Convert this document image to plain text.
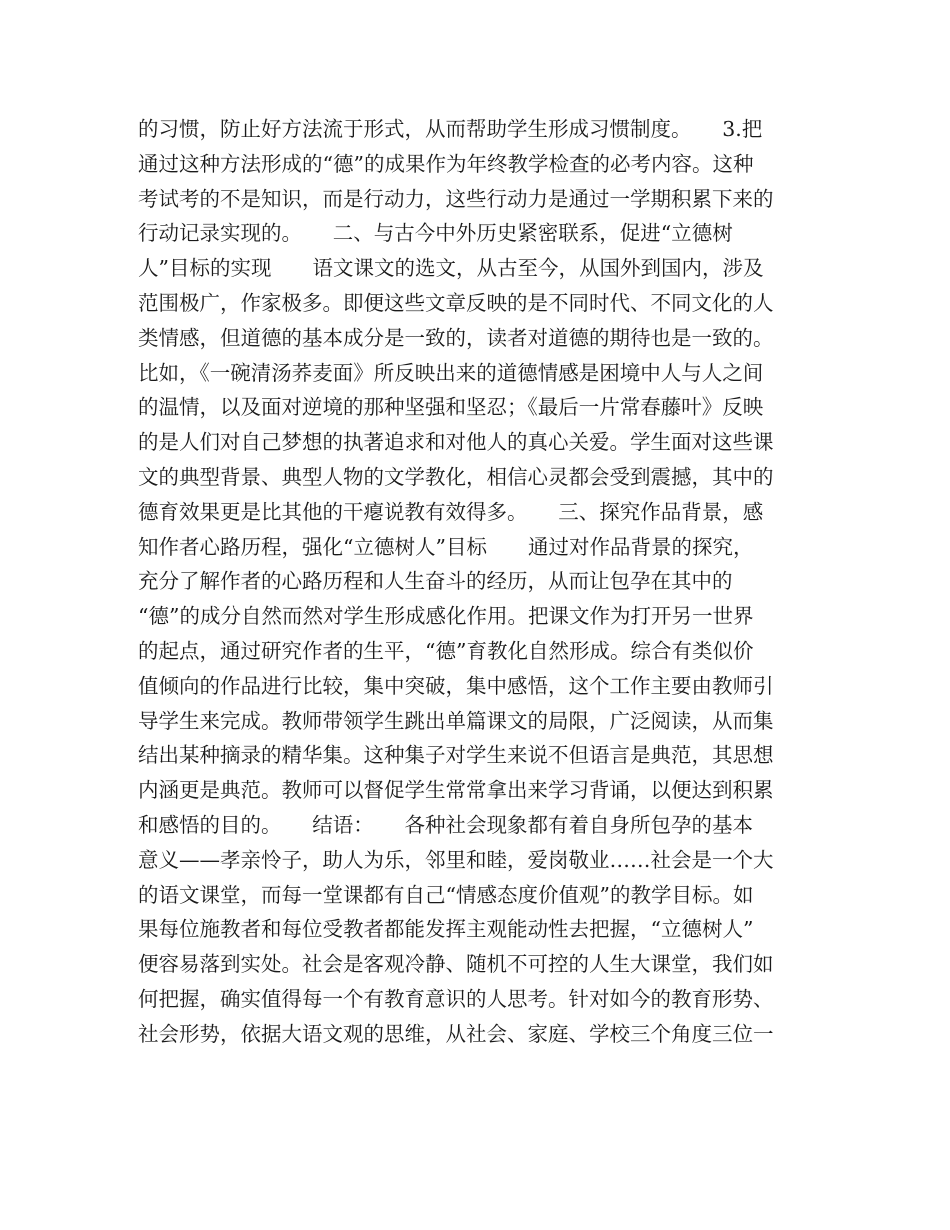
的习惯，防止好方法流于形式，从而帮助学生形成习惯制度。　　3.把
通过这种方法形成的“德”的成果作为年终教学检查的必考内容。这种
考试考的不是知识，而是行动力，这些行动力是通过一学期积累下来的
行动记录实现的。　　二、与古今中外历史紧密联系，促进“立德树
人”目标的实现　　语文课文的选文，从古至今，从国外到国内，涉及
范围极广，作家极多。即便这些文章反映的是不同时代、不同文化的人
类情感，但道德的基本成分是一致的，读者对道德的期待也是一致的。
比如，《一碗清汤荞麦面》所反映出来的道德情感是困境中人与人之间
的温情，以及面对逆境的那种坚强和坚忍；《最后一片常春藤叶》反映
的是人们对自己梦想的执著追求和对他人的真心关爱。学生面对这些课
文的典型背景、典型人物的文学教化，相信心灵都会受到震撼，其中的
德育效果更是比其他的干瘪说教有效得多。　　三、探究作品背景，感
知作者心路历程，强化“立德树人”目标　　通过对作品背景的探究，
充分了解作者的心路历程和人生奋斗的经历，从而让包孕在其中的
“德”的成分自然而然对学生形成感化作用。把课文作为打开另一世界
的起点，通过研究作者的生平，“德”育教化自然形成。综合有类似价
值倾向的作品进行比较，集中突破，集中感悟，这个工作主要由教师引
导学生来完成。教师带领学生跳出单篇课文的局限，广泛阅读，从而集
结出某种摘录的精华集。这种集子对学生来说不但语言是典范，其思想
内涵更是典范。教师可以督促学生常常拿出来学习背诵，以便达到积累
和感悟的目的。　　结语：　　各种社会现象都有着自身所包孕的基本
意义——孝亲怜子，助人为乐，邻里和睦，爱岗敬业……社会是一个大
的语文课堂，而每一堂课都有自己“情感态度价值观”的教学目标。如
果每位施教者和每位受教者都能发挥主观能动性去把握，“立德树人”
便容易落到实处。社会是客观冷静、随机不可控的人生大课堂，我们如
何把握，确实值得每一个有教育意识的人思考。针对如今的教育形势、
社会形势，依据大语文观的思维，从社会、家庭、学校三个角度三位一
